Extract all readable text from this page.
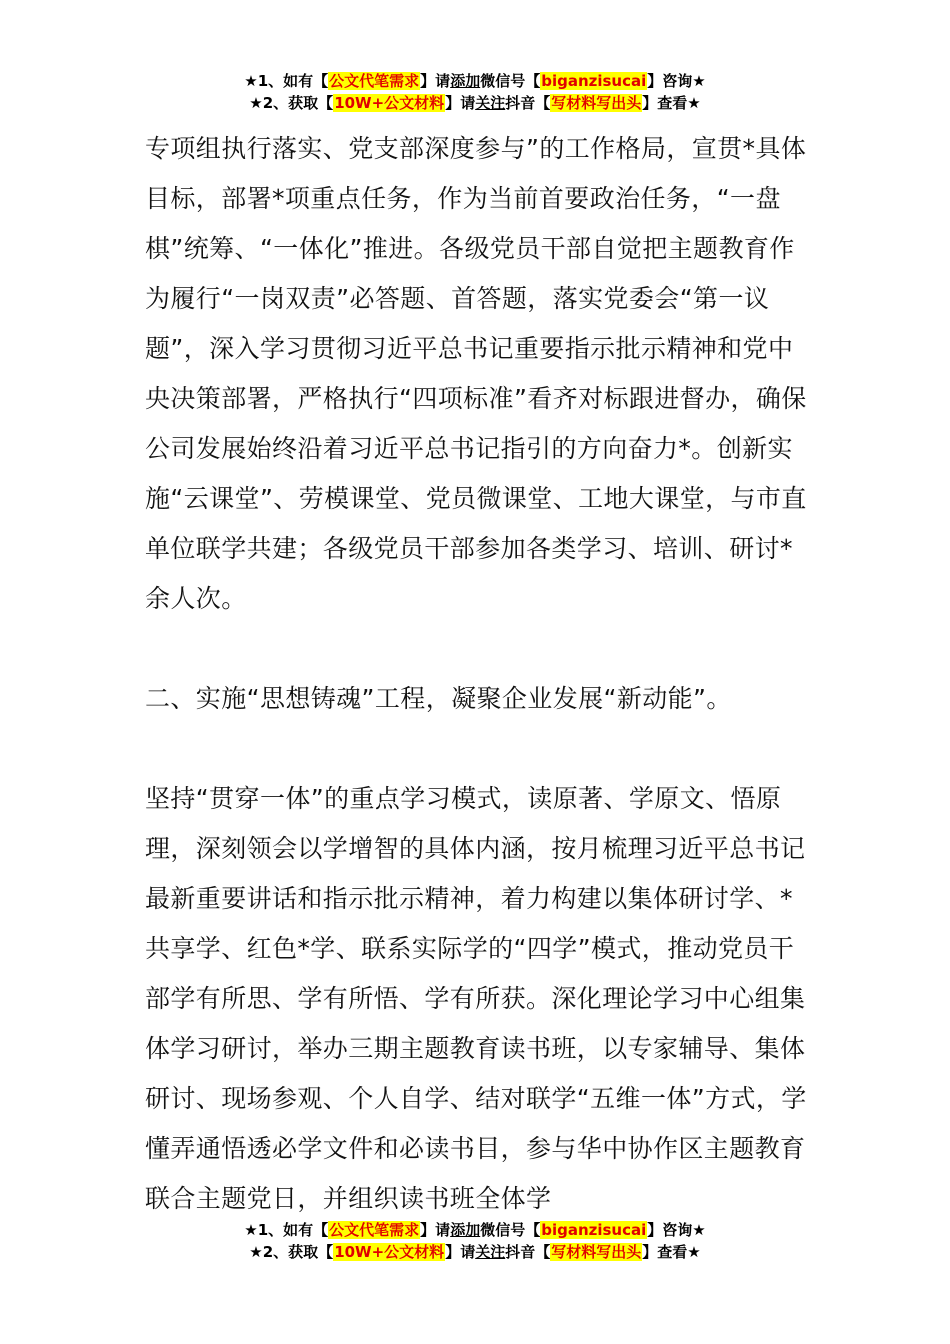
★1、如有【公文代笔需求】请添加微信号【biganzisucai】咨询★
★2、获取【10W+公文材料】请关注抖音【写材料写出头】查看★

专项组执行落实、党支部深度参与”的工作格局，宣贯*具体目标，部署*项重点任务，作为当前首要政治任务，“一盘棋”统筹、“一体化”推进。各级党员干部自觉把主题教育作为履行“一岗双责”必答题、首答题，落实党委会“第一议题”，深入学习贯彻习近平总书记重要指示批示精神和党中央决策部署，严格执行“四项标准”看齐对标跟进督办，确保公司发展始终沿着习近平总书记指引的方向奋力*。创新实施“云课堂”、劳模课堂、党员微课堂、工地大课堂，与市直单位联学共建；各级党员干部参加各类学习、培训、研讨*余人次。

二、实施“思想铸魂”工程，凝聚企业发展“新动能”。

坚持“贯穿一体”的重点学习模式，读原著、学原文、悟原理，深刻领会以学增智的具体内涵，按月梳理习近平总书记最新重要讲话和指示批示精神，着力构建以集体研讨学、*共享学、红色*学、联系实际学的“四学”模式，推动党员干部学有所思、学有所悟、学有所获。深化理论学习中心组集体学习研讨，举办三期主题教育读书班，以专家辅导、集体研讨、现场参观、个人自学、结对联学“五维一体”方式，学懂弄通悟透必学文件和必读书目，参与华中协作区主题教育联合主题党日，并组织读书班全体学

★1、如有【公文代笔需求】请添加微信号【biganzisucai】咨询★
★2、获取【10W+公文材料】请关注抖音【写材料写出头】查看★
